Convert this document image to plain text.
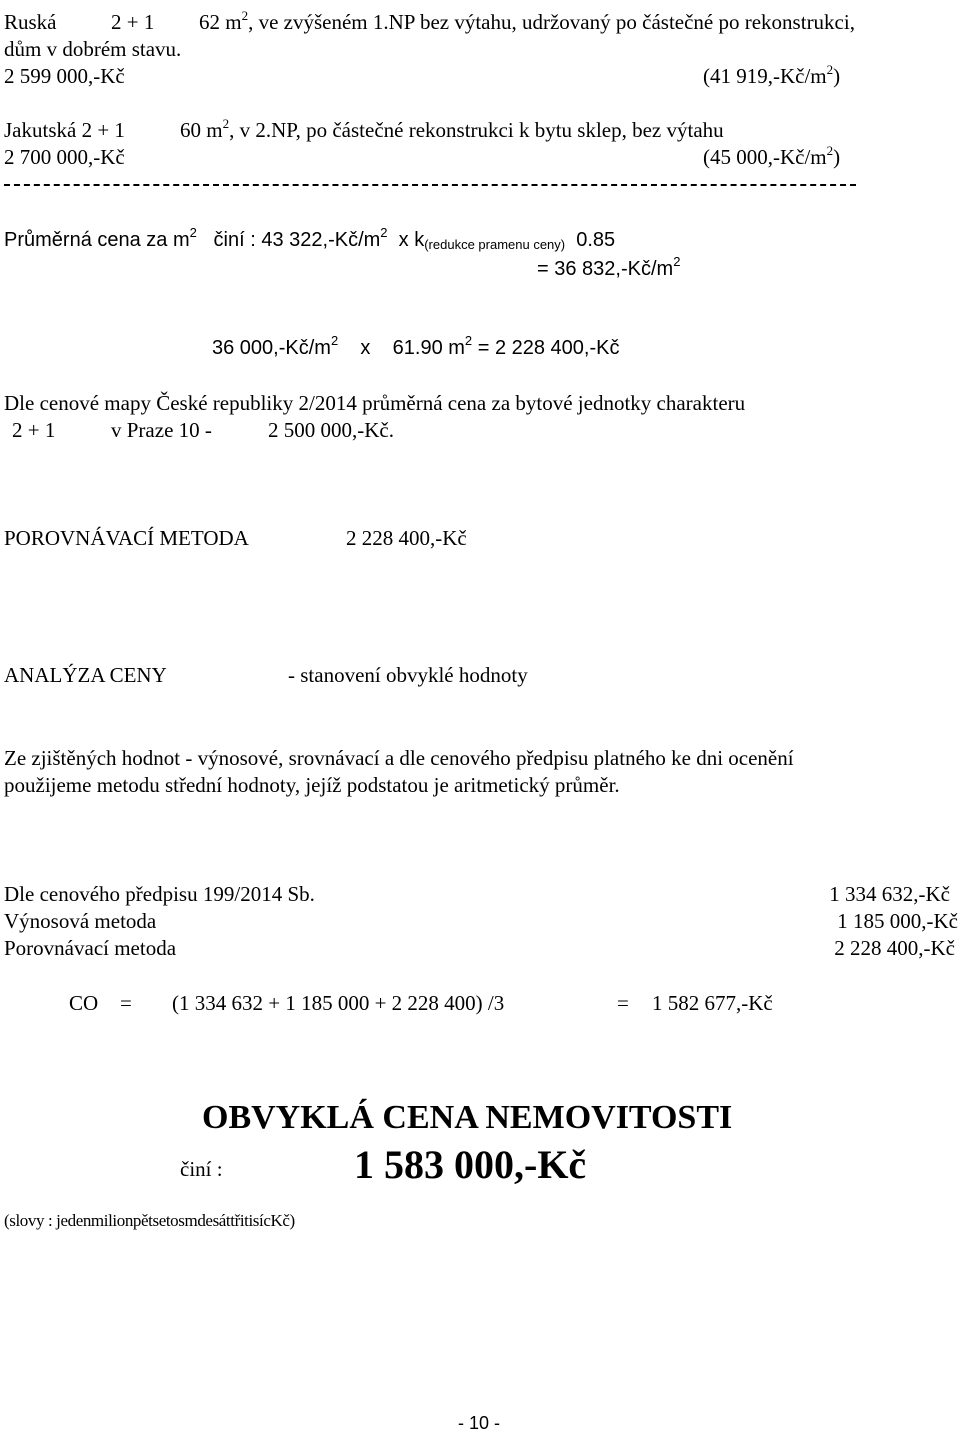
Ruská	2 + 1 62 $m^2$, ve zvýšeném 1.NP bez výtahu, udržovaný po částečné po rekonstrukci,
dům v dobrém stavu.
2 599 000,-Kč	(41 $919,-Kč/m^2$)
Jakutská 2 + 1	60 $m^2$, v 2.NP, po částečné rekonstrukci k bytu sklep, bez výtahu
2 700 000,-Kč	(45 $000,-Kč/m^2$)
Průměrná cena za $m^2$ činí : 43 $322,-Kč/m^2$ x $k_{(redukce pramenu ceny)}$ 0.85
= 36 $832,-Kč/m^2$
36 $000,-Kč/m^2$ x 61.90 $m^2 = 2$ 228 400,-Kč
Dle cenové mapy České republiky 2/2014 průměrná cena za bytové jednotky charakteru
2 + 1	v Praze 10 -	2 500 000,-Kč.
POROVNÁVACÍ METODA	2 228 400,-Kč
ANALÝZA CENY	- stanovení obvyklé hodnoty
Ze zjištěných hodnot - výnosové, srovnávací a dle cenového předpisu platného ke dni ocenění
použijeme metodu střední hodnoty, jejíž podstatou je aritmetický průměr.
Dle cenového předpisu 199/2014 Sb.	1 334 632,-Kč
Výnosová metoda	1 185 000,-Kč
Porovnávací metoda	2 228 400,-Kč
CO = (1 334 632 + 1 185 000 + 2 228 400) /3	= 1 582 677,-Kč
OBVYKLÁ CENA NEMOVITOSTI
činí :	1 583 000,-Kč
(slovy : jedenmilionpětsetosmdesáttřitisícKč)
- 10 -
